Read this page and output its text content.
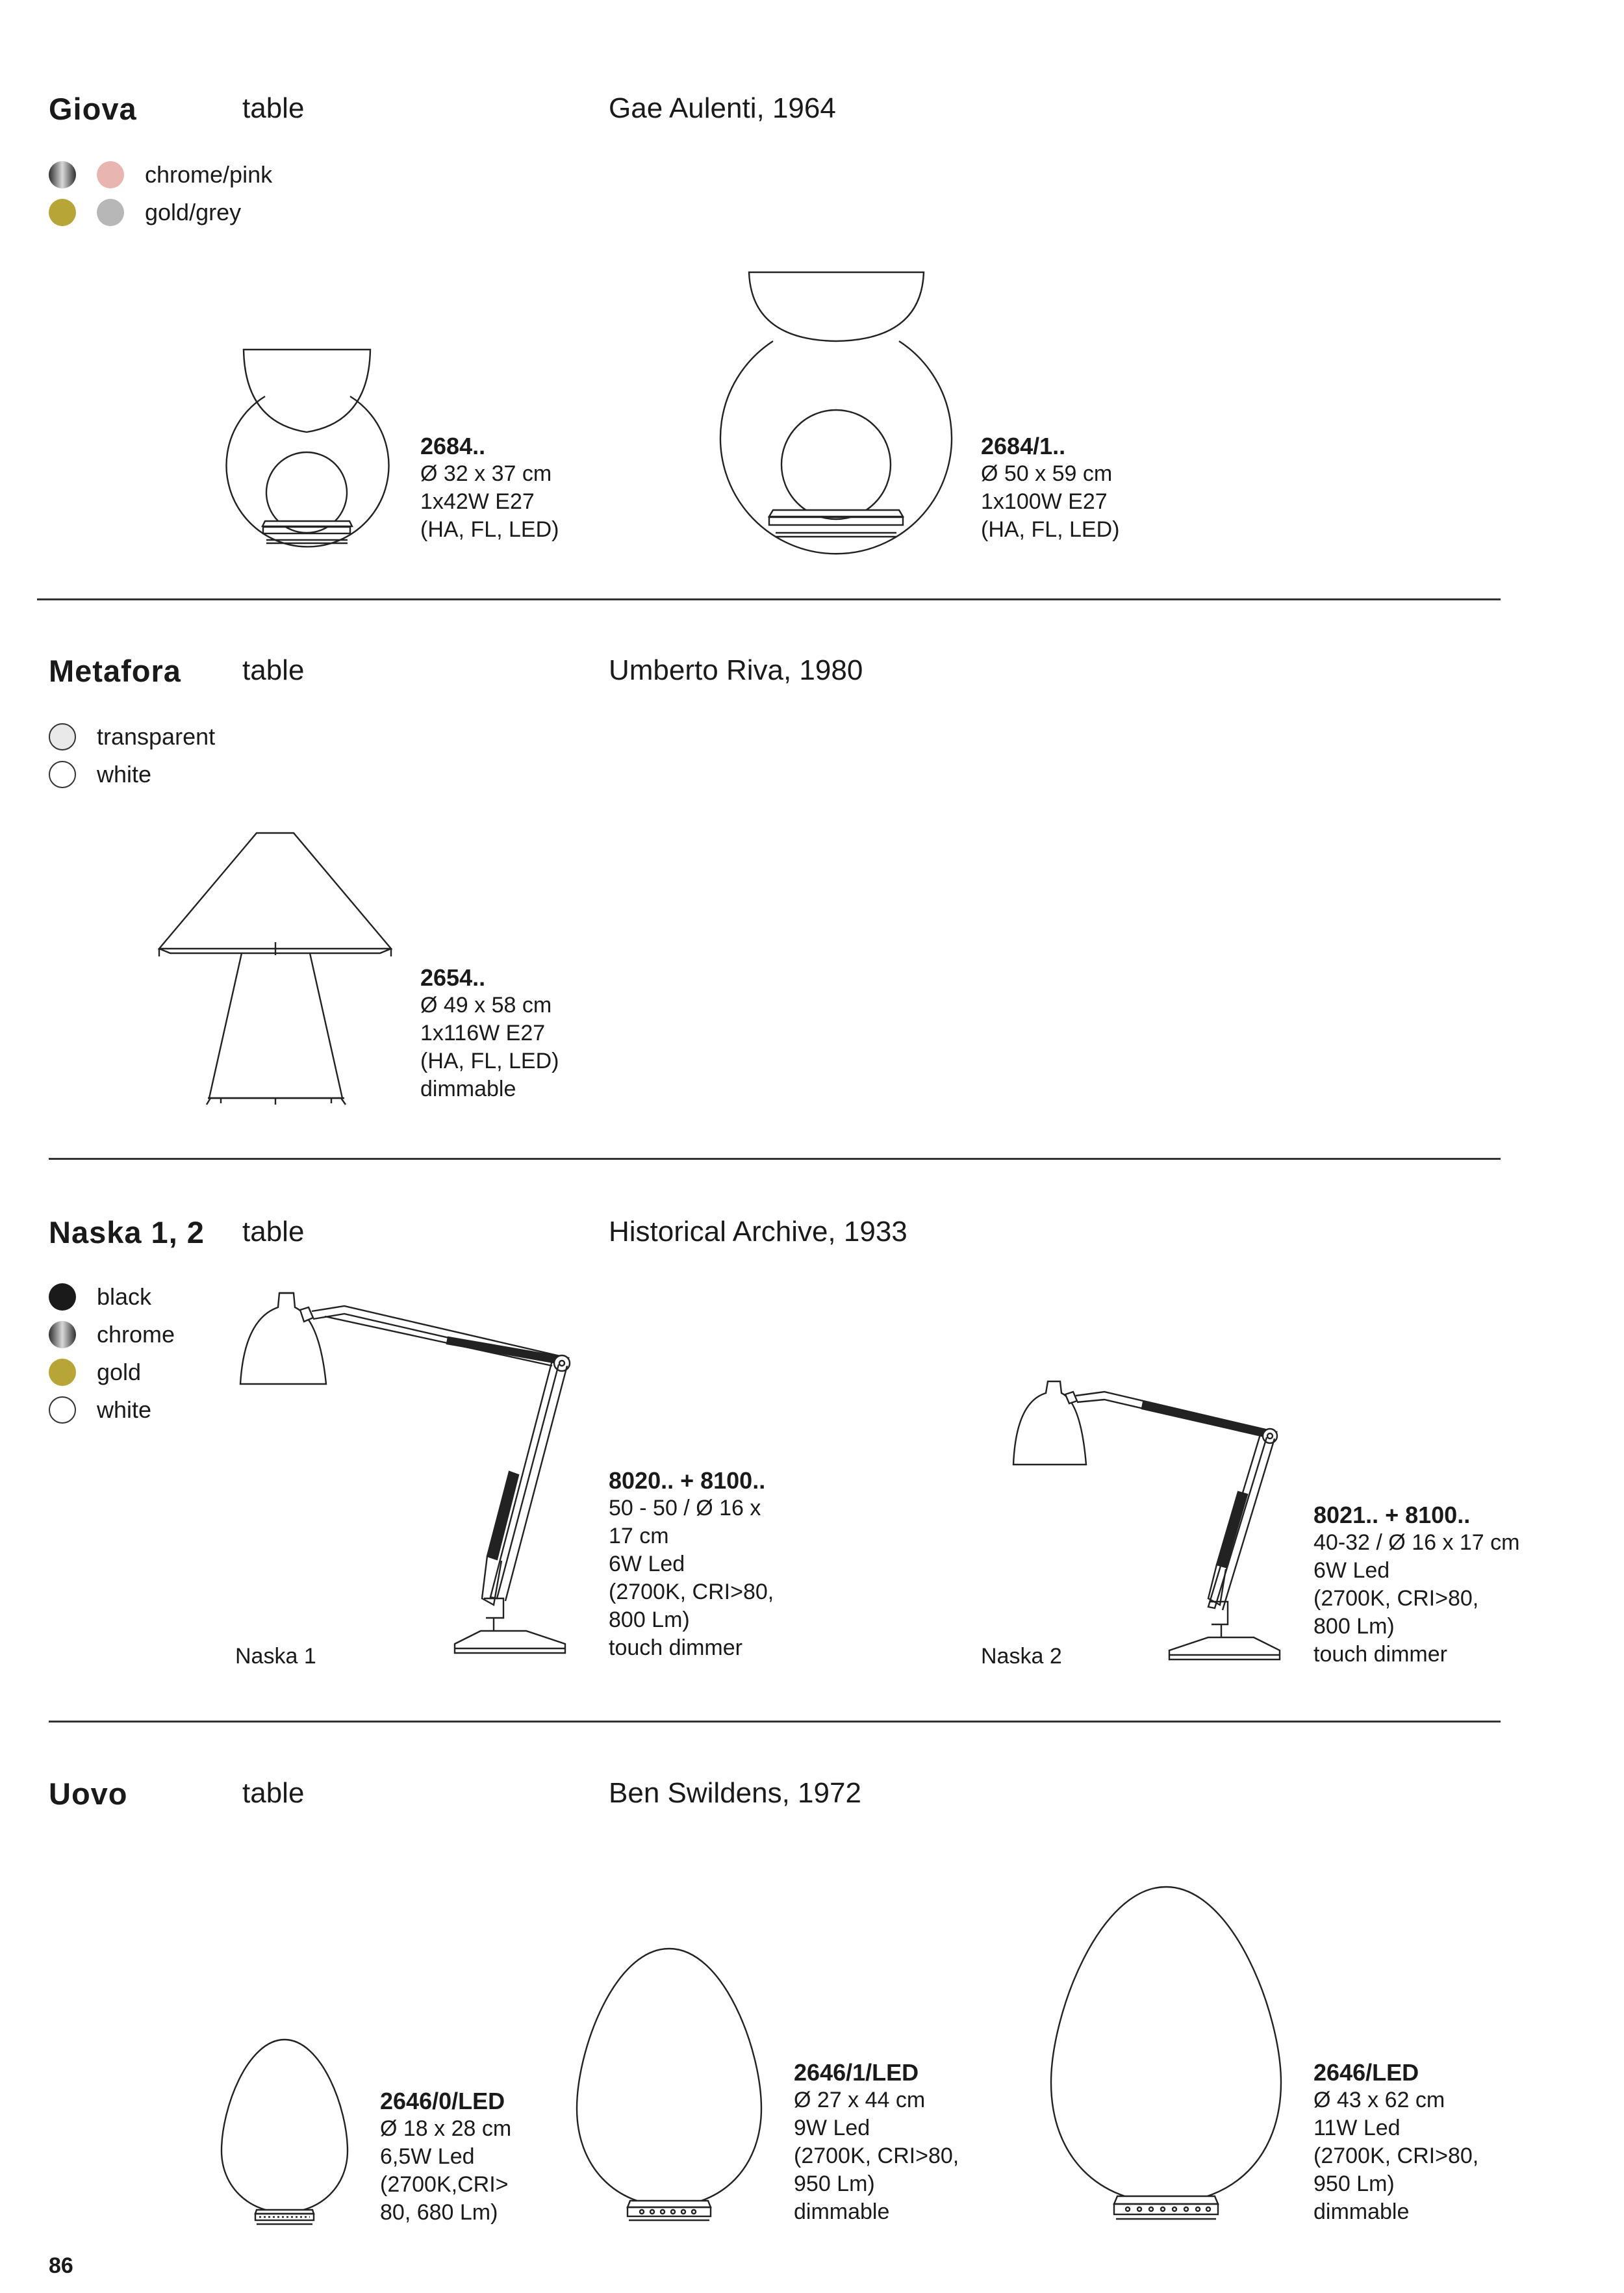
Giova	table	Gae Aulenti, 1964
chrome/pink
gold/grey
2684..
Ø 32 x 37 cm
1x42W E27
(HA, FL, LED)
2684/1..
Ø 50 x 59 cm
1x100W E27
(HA, FL, LED)
Metafora table	Umberto Riva, 1980
transparent
white
2654..
Ø 49 x 58 cm
1x116W E27
(HA, FL, LED)
dimmable
Naska 1, 2 table	Historical Archive, 1933
black
chrome
gold
white
Naska 1
8020.. + 8100..
50 - 50 / Ø 16 x
17 cm
6W Led
(2700K, CRI>80,
800 Lm)
touch dimmer	Naska 2
8021.. + 8100..
40-32 / Ø 16 x 17 cm
6W Led
(2700K, CRI>80,
800 Lm)
touch dimmer
Uovo	table	Ben Swildens, 1972
2646/0/LED
Ø 18 x 28 cm
6,5W Led
(2700K,CRI>
80, 680 Lm)
2646/1/LED
Ø 27 x 44 cm
9W Led
(2700K, CRI>80,
950 Lm)
dimmable
2646/LED
Ø 43 x 62 cm
11W Led
(2700K, CRI>80,
950 Lm)
dimmable
86
